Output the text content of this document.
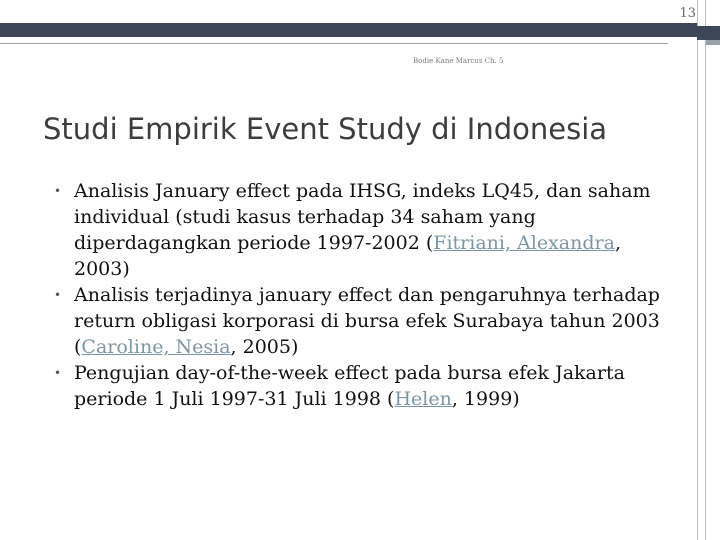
13
Bodie Kane Marcus Ch. 5
Studi Empirik Event Study di Indonesia
• Analisis January effect pada IHSG, indeks LQ45, dan saham individual (studi kasus terhadap 34 saham yang diperdagangkan periode 1997-2002 (Fitriani, Alexandra, 2003)
• Analisis terjadinya january effect dan pengaruhnya terhadap return obligasi korporasi di bursa efek Surabaya tahun 2003 (Caroline, Nesia, 2005)
• Pengujian day-of-the-week effect pada bursa efek Jakarta periode 1 Juli 1997-31 Juli 1998 (Helen, 1999)
